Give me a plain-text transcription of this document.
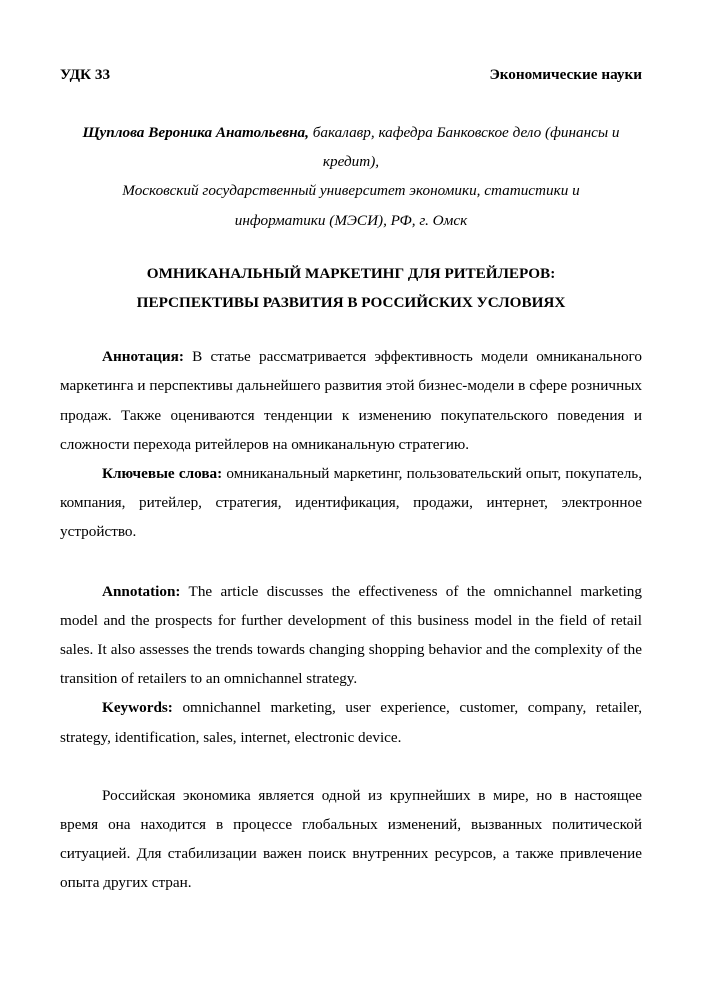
УДК 33	Экономические науки
Щуплова Вероника Анатольевна, бакалавр, кафедра Банковское дело (финансы и кредит),
Московский государственный университет экономики, статистики и информатики (МЭСИ), РФ, г. Омск
ОМНИКАНАЛЬНЫЙ МАРКЕТИНГ ДЛЯ РИТЕЙЛЕРОВ:
ПЕРСПЕКТИВЫ РАЗВИТИЯ В РОССИЙСКИХ УСЛОВИЯХ

Аннотация: В статье рассматривается эффективность модели омниканального маркетинга и перспективы дальнейшего развития этой бизнес-модели в сфере розничных продаж. Также оцениваются тенденции к изменению покупательского поведения и сложности перехода ритейлеров на омниканальную стратегию.

Ключевые слова: омниканальный маркетинг, пользовательский опыт, покупатель, компания, ритейлер, стратегия, идентификация, продажи, интернет, электронное устройство.

Annotation: The article discusses the effectiveness of the omnichannel marketing model and the prospects for further development of this business model in the field of retail sales. It also assesses the trends towards changing shopping behavior and the complexity of the transition of retailers to an omnichannel strategy.

Keywords: omnichannel marketing, user experience, customer, company, retailer, strategy, identification, sales, internet, electronic device.

Российская экономика является одной из крупнейших в мире, но в настоящее время она находится в процессе глобальных изменений, вызванных политической ситуацией. Для стабилизации важен поиск внутренних ресурсов, а также привлечение опыта других стран.
